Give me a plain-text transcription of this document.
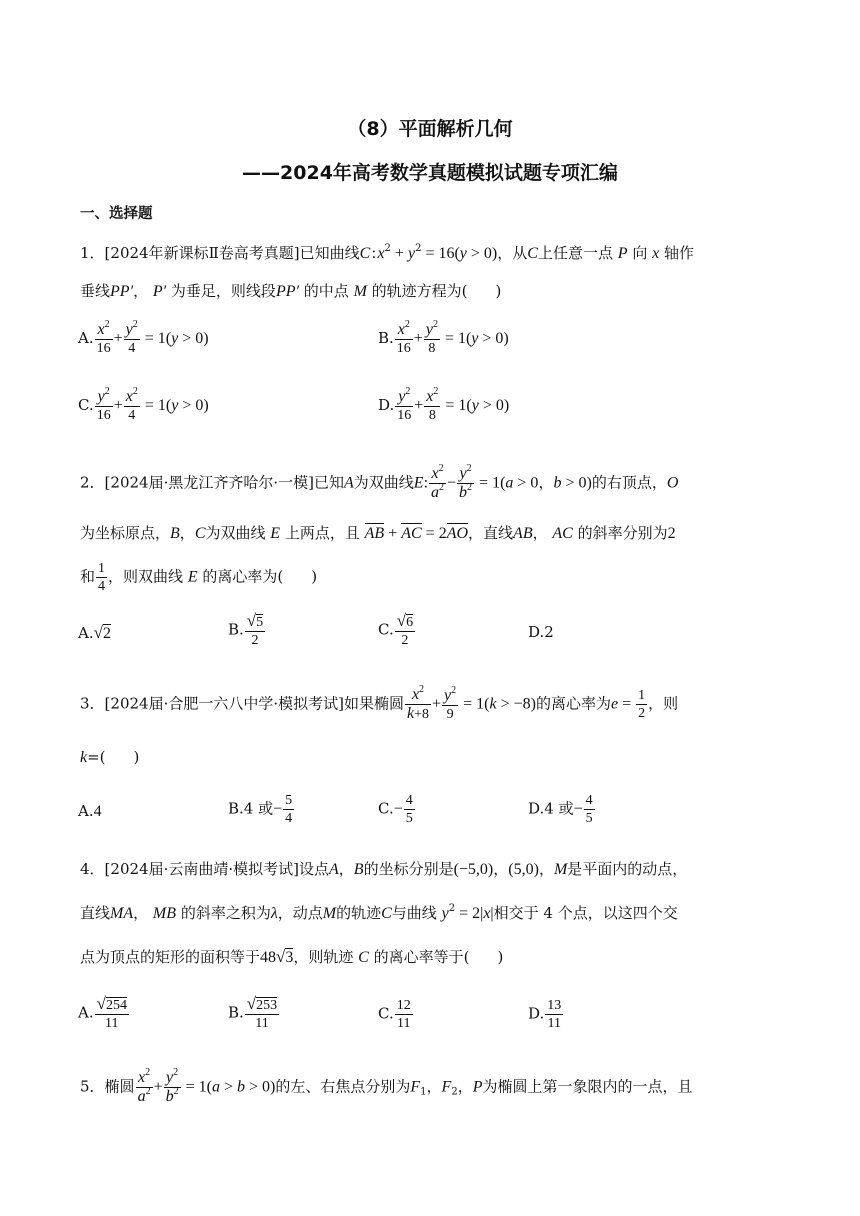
（8）平面解析几何
——2024年高考数学真题模拟试题专项汇编
一、选择题
1．[2024年新课标Ⅱ卷高考真题]已知曲线C : $x^2 + y^2 = 16(y > 0)$，从C上任意一点 P 向 x 轴作
垂线PP′， P′ 为垂足，则线段PP′ 的中点 M 的轨迹方程为( )
A. $\frac{x^2}{16} + \frac{y^2}{4} = 1(y > 0)$	B. $\frac{x^2}{16} + \frac{y^2}{8} = 1(y > 0)$
C. $\frac{y^2}{16} + \frac{x^2}{4} = 1(y > 0)$	D. $\frac{y^2}{16} + \frac{x^2}{8} = 1(y > 0)$
2．[2024届·黑龙江齐齐哈尔·一模]已知A为双曲线E: $\frac{x^2}{a^2} - \frac{y^2}{b^2} = 1(a > 0$，b > 0)的右顶点，O
为坐标原点，B，C为双曲线 E 上两点，且 AB + AC = 2AO，直线AB， AC 的斜率分别为2
和 $\frac{1}{4}$ ，则双曲线 E 的离心率为( )
A.√2	B. $\frac{√5}{2}$	C. $\frac{√6}{2}$	D.2
3．[2024届·合肥一六八中学·模拟考试]如果椭圆 $\frac{x^2}{k+8} + \frac{y^2}{9} = 1(k > -8)$的离心率为$e = \frac{1}{2}$ ，则
k=( )
A.4	B.4 或− $\frac{5}{4}$	$C.- \frac{4}{5}$	D.4 或− $\frac{4}{5}$
4．[2024届·云南曲靖·模拟考试]设点A，B的坐标分别是(−5,0)，(5,0)，M是平面内的动点，
直线MA， MB 的斜率之积为λ，动点M的轨迹C与曲线 $y^2 = 2|x|$相交于 4 个点，以这四个交
点为顶点的矩形的面积等于48√3，则轨迹 C 的离心率等于( )
A. $\frac{√254}{11}$	B. $\frac{√253}{11}$	C. $\frac{12}{11}$	D. $\frac{13}{11}$
5．椭圆 $\frac{x^2}{a^2} + \frac{y^2}{b^2} = 1(a > b > 0)$的左、右焦点分别为$F_1$，$F_2$，P为椭圆上第一象限内的一点，且
